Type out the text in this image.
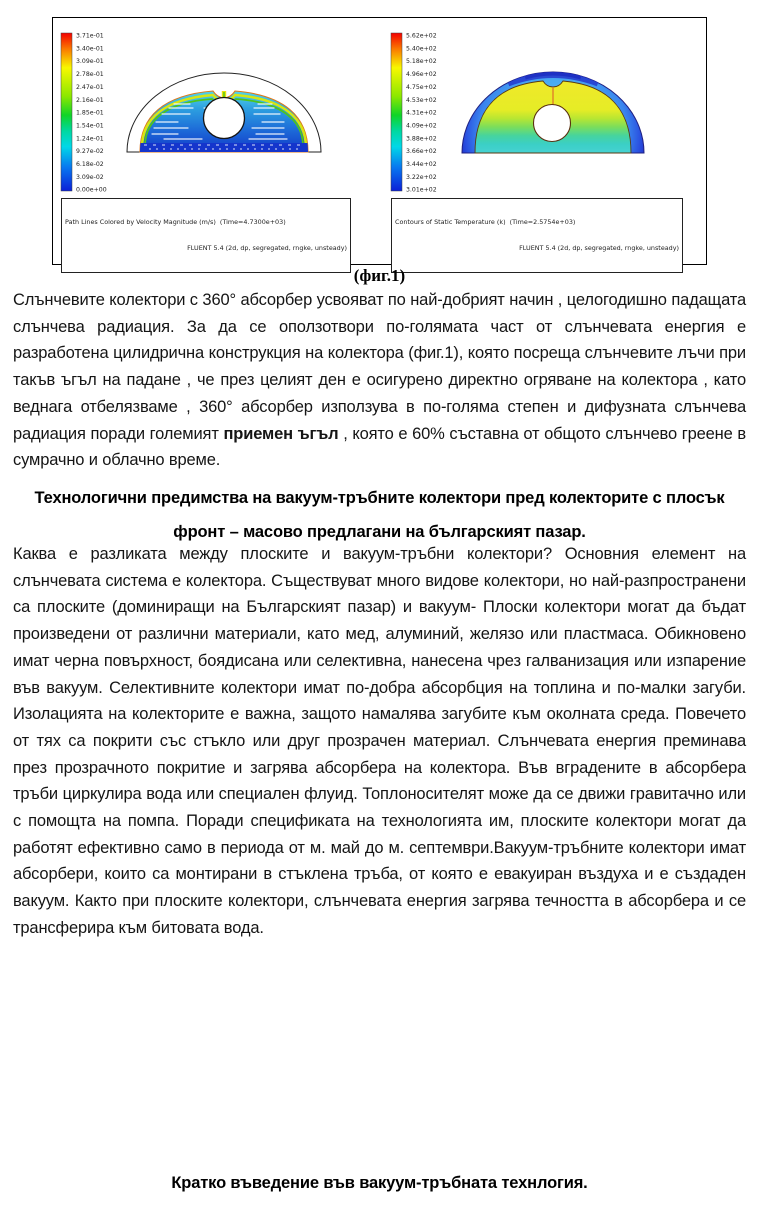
3.71e-01
3.40e-01
3.09e-01
2.78e-01
2.47e-01
2.16e-01
1.85e-01
1.54e-01
1.24e-01
9.27e-02
6.18e-02
3.09e-02
0.00e+00
5.62e+02
5.40e+02
5.18e+02
4.96e+02
4.75e+02
4.53e+02
4.31e+02
4.09e+02
3.88e+02
3.66e+02
3.44e+02
3.22e+02
3.01e+02

Path Lines Colored by Velocity Magnitude (m/s)  (Time=4.7300e+03)

FLUENT 5.4 (2d, dp, segregated, rngke, unsteady)

Contours of Static Temperature (k)  (Time=2.5754e+03)

FLUENT 5.4 (2d, dp, segregated, rngke, unsteady)

(фиг.1)

Слънчевите колектори с 360° абсорбер усвояват по най-добрият начин , целогодишно падащата слънчева радиация. За да се оползотвори по-голямата част от слънчевата енергия е разработена цилидрична конструкция на колектора (фиг.1), която посреща слънчевите лъчи при такъв ъгъл на падане , че през целият ден е осигурено директно огряване на колектора , като веднага отбелязваме , 360° абсорбер използува в по-голяма степен и дифузната слънчева радиация поради големият приемен ъгъл , която е 60% съставна от общото слънчево греене в сумрачно и облачно време.

Технологични предимства на вакуум-тръбните колектори пред колекторите с плосък
фронт – масово предлагани на българският пазар.

Каква е разликата между плоските и вакуум-тръбни колектори? Основния елемент на слънчевата система е колектора. Съществуват много видове колектори, но най-разпространени са плоските (доминиращи на Българският пазар) и вакуум- Плоски колектори могат да бъдат произведени от различни материали, като мед, алуминий, желязо или пластмаса. Обикновено имат черна повърхност, боядисана или селективна, нанесена чрез галванизация или изпарение във вакуум. Селективните колектори имат по-добра абсорбция на топлина и по-малки загуби. Изолацията на колекторите е важна, защото намалява загубите към околната среда. Повечето от тях са покрити със стъкло или друг прозрачен материал. Слънчевата енергия преминава през прозрачното покритие и загрява абсорбера на колектора. Във вградените в абсорбера тръби циркулира вода или специален флуид. Топлоносителят може да се движи гравитачно или с помощта на помпа. Поради спецификата на технологията им, плоските колектори могат да работят ефективно само в периода от м. май до м. септември.Вакуум-тръбните колектори имат абсорбери, които са монтирани в стъклена тръба, от която е евакуиран въздуха и е създаден вакуум. Както при плоските колектори, слънчевата енергия загрява течността в абсорбера и се трансферира към битовата вода.

Кратко въведение във вакуум-тръбната технлогия.
